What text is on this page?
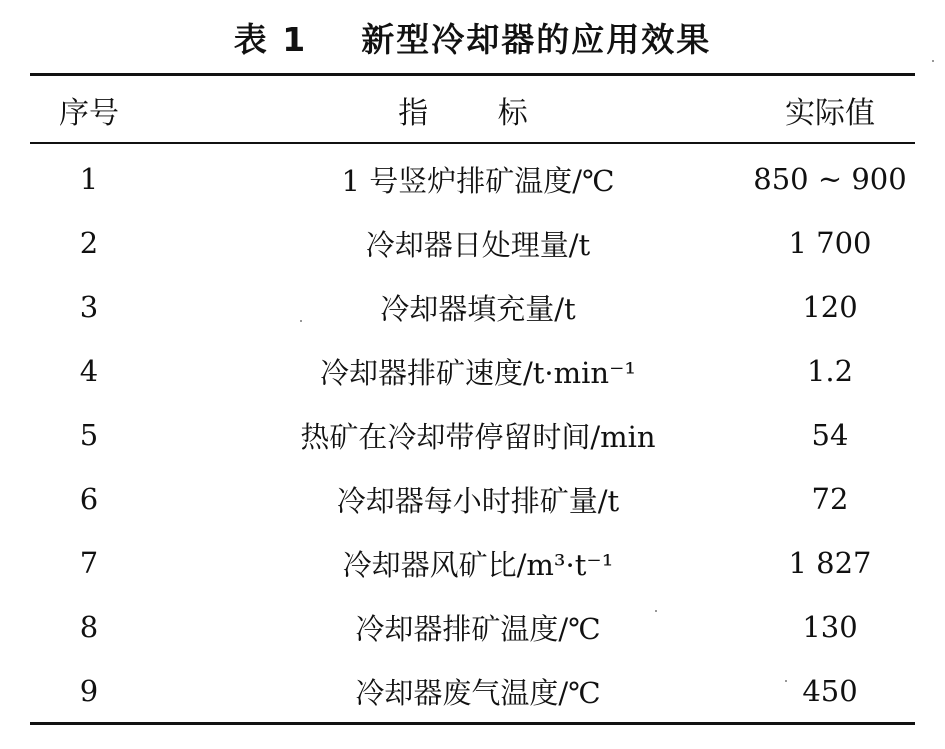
表 1    新型冷却器的应用效果
序号	指 标	实际值
1	1 号竖炉排矿温度/℃	850 ~ 900
2	冷却器日处理量/t	1 700
3	冷却器填充量/t	120
4	冷却器排矿速度/t·min⁻¹	1.2
5	热矿在冷却带停留时间/min	54
6	冷却器每小时排矿量/t	72
7	冷却器风矿比/m³·t⁻¹	1 827
8	冷却器排矿温度/℃	130
9	冷却器废气温度/℃	450
